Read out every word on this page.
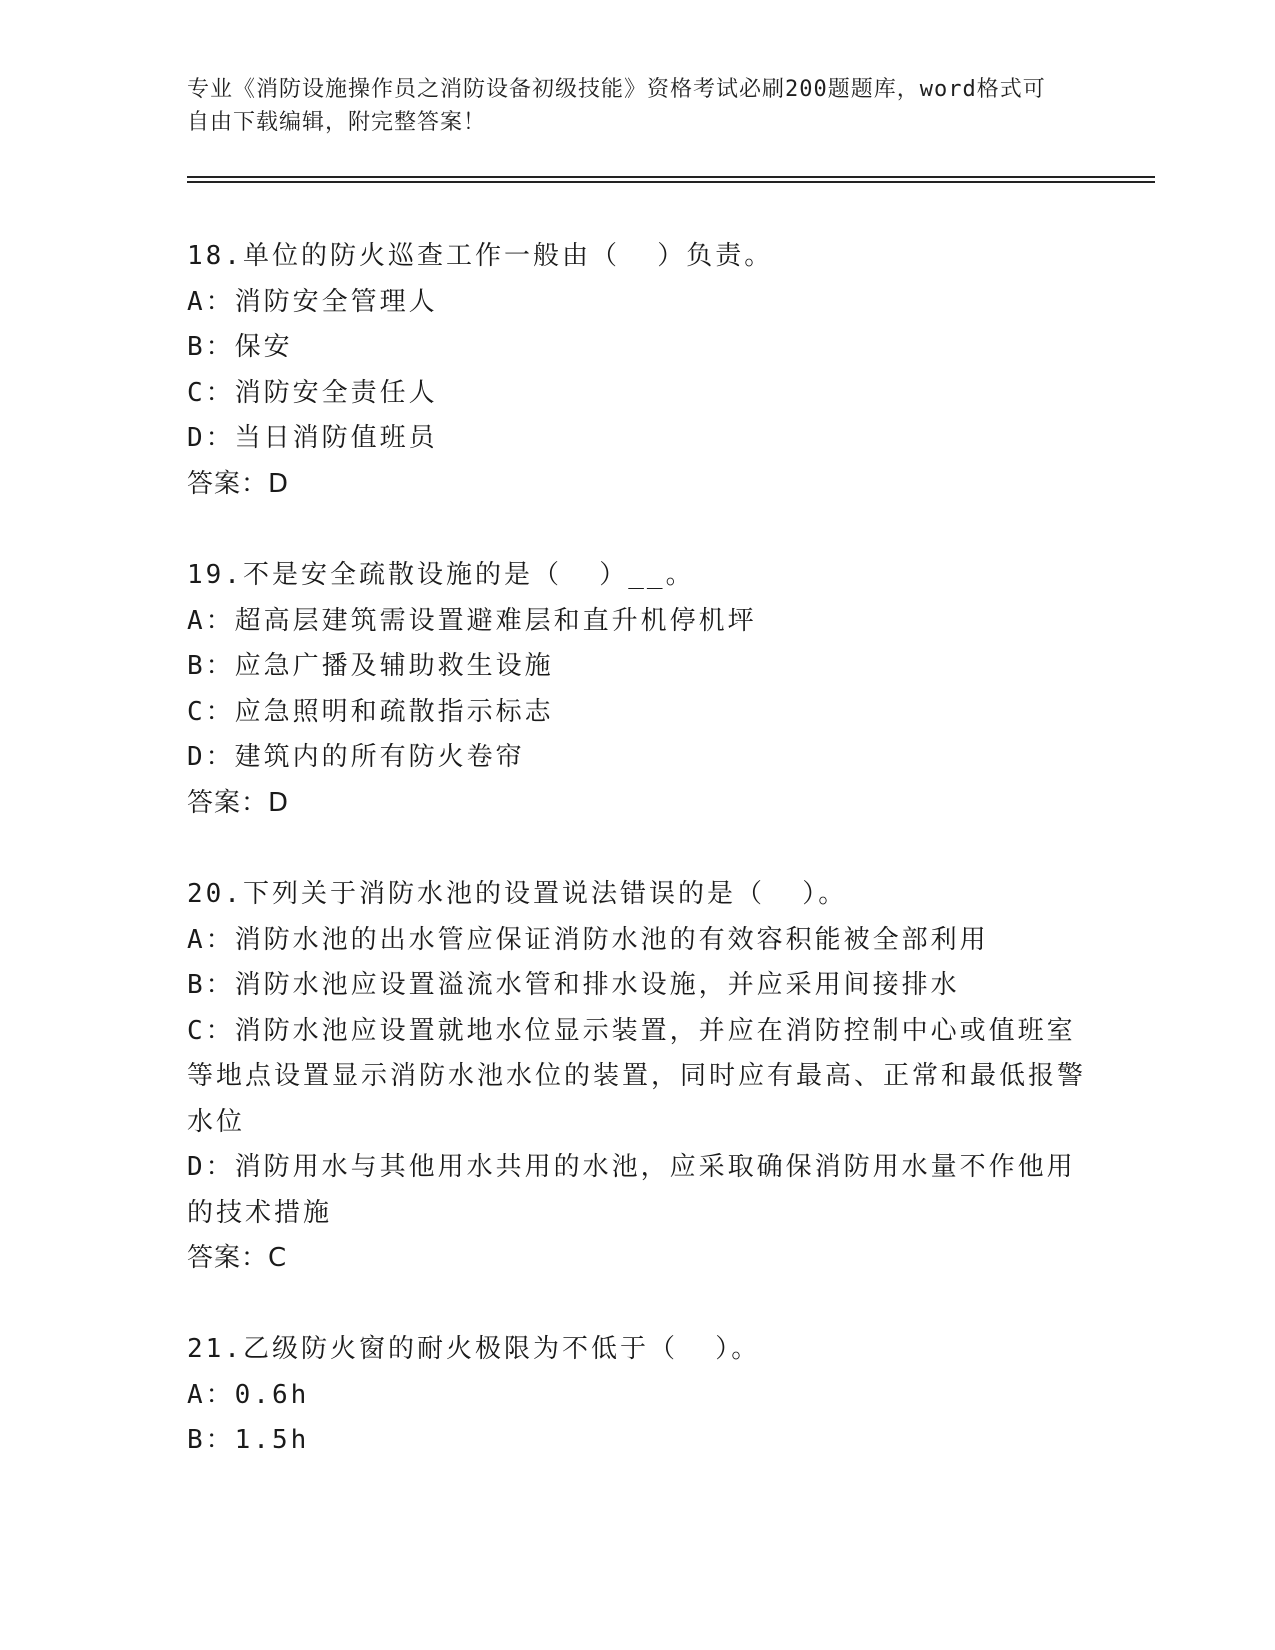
专业《消防设施操作员之消防设备初级技能》资格考试必刷200题题库，word格式可自由下载编辑，附完整答案！
18.单位的防火巡查工作一般由（  ）负责。
A：消防安全管理人
B：保安
C：消防安全责任人
D：当日消防值班员
答案：D
19.不是安全疏散设施的是（  ）__。
A：超高层建筑需设置避难层和直升机停机坪
B：应急广播及辅助救生设施
C：应急照明和疏散指示标志
D：建筑内的所有防火卷帘
答案：D
20.下列关于消防水池的设置说法错误的是（  ）。
A：消防水池的出水管应保证消防水池的有效容积能被全部利用
B：消防水池应设置溢流水管和排水设施，并应采用间接排水
C：消防水池应设置就地水位显示装置，并应在消防控制中心或值班室等地点设置显示消防水池水位的装置，同时应有最高、正常和最低报警水位
D：消防用水与其他用水共用的水池，应采取确保消防用水量不作他用的技术措施
答案：C
21.乙级防火窗的耐火极限为不低于（  ）。
A：0.6h
B：1.5h
